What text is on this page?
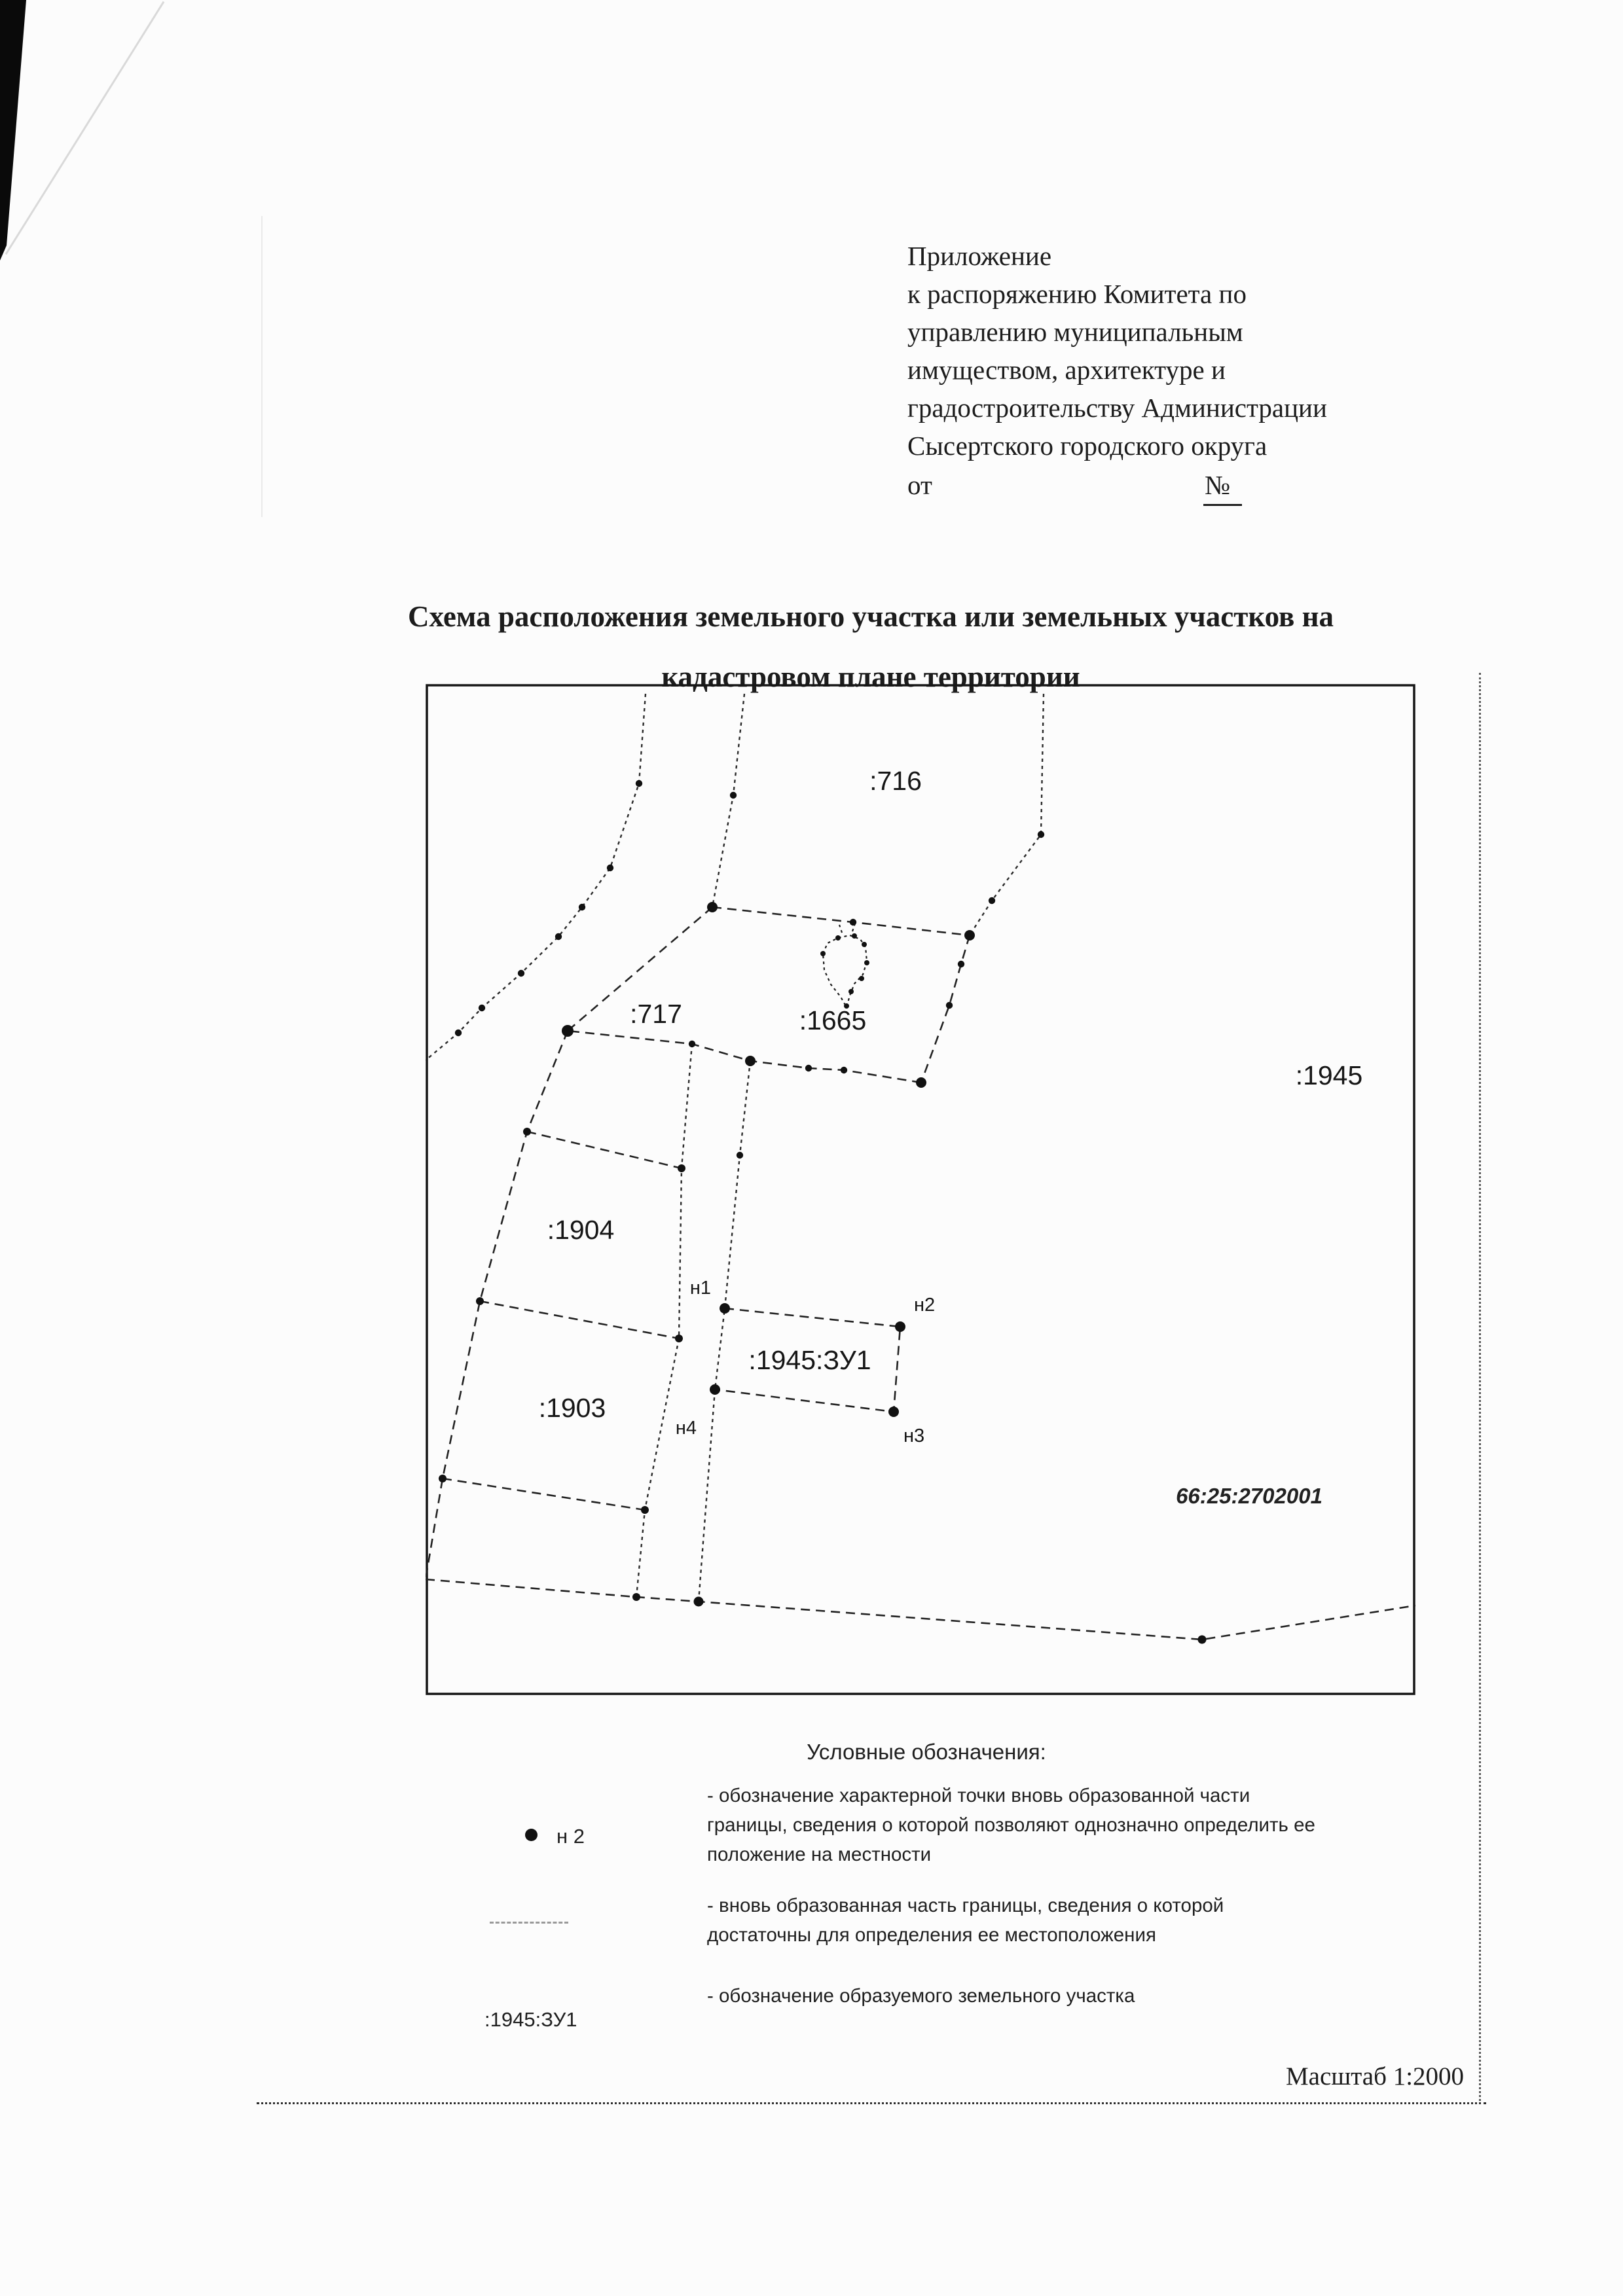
Приложение
к распоряжению Комитета по
управлению муниципальным
имуществом, архитектуре и
градостроительству Администрации
Сысертского городского округа
от	№
Схема расположения земельного участка или земельных участков на
кадастровом плане территории
66:25:2702001
:716
:717	:1665
:1945
:1904
:1903
:1945:ЗУ1
н1
н2
н3
н4
Условные обозначения:
н 2

- обозначение характерной точки вновь образованной части границы, сведения о которой позволяют однозначно определить ее положение на местности

- вновь образованная часть границы, сведения о которой достаточны для определения ее местоположения

:1945:ЗУ1

- обозначение образуемого земельного участка

Масштаб 1:2000
